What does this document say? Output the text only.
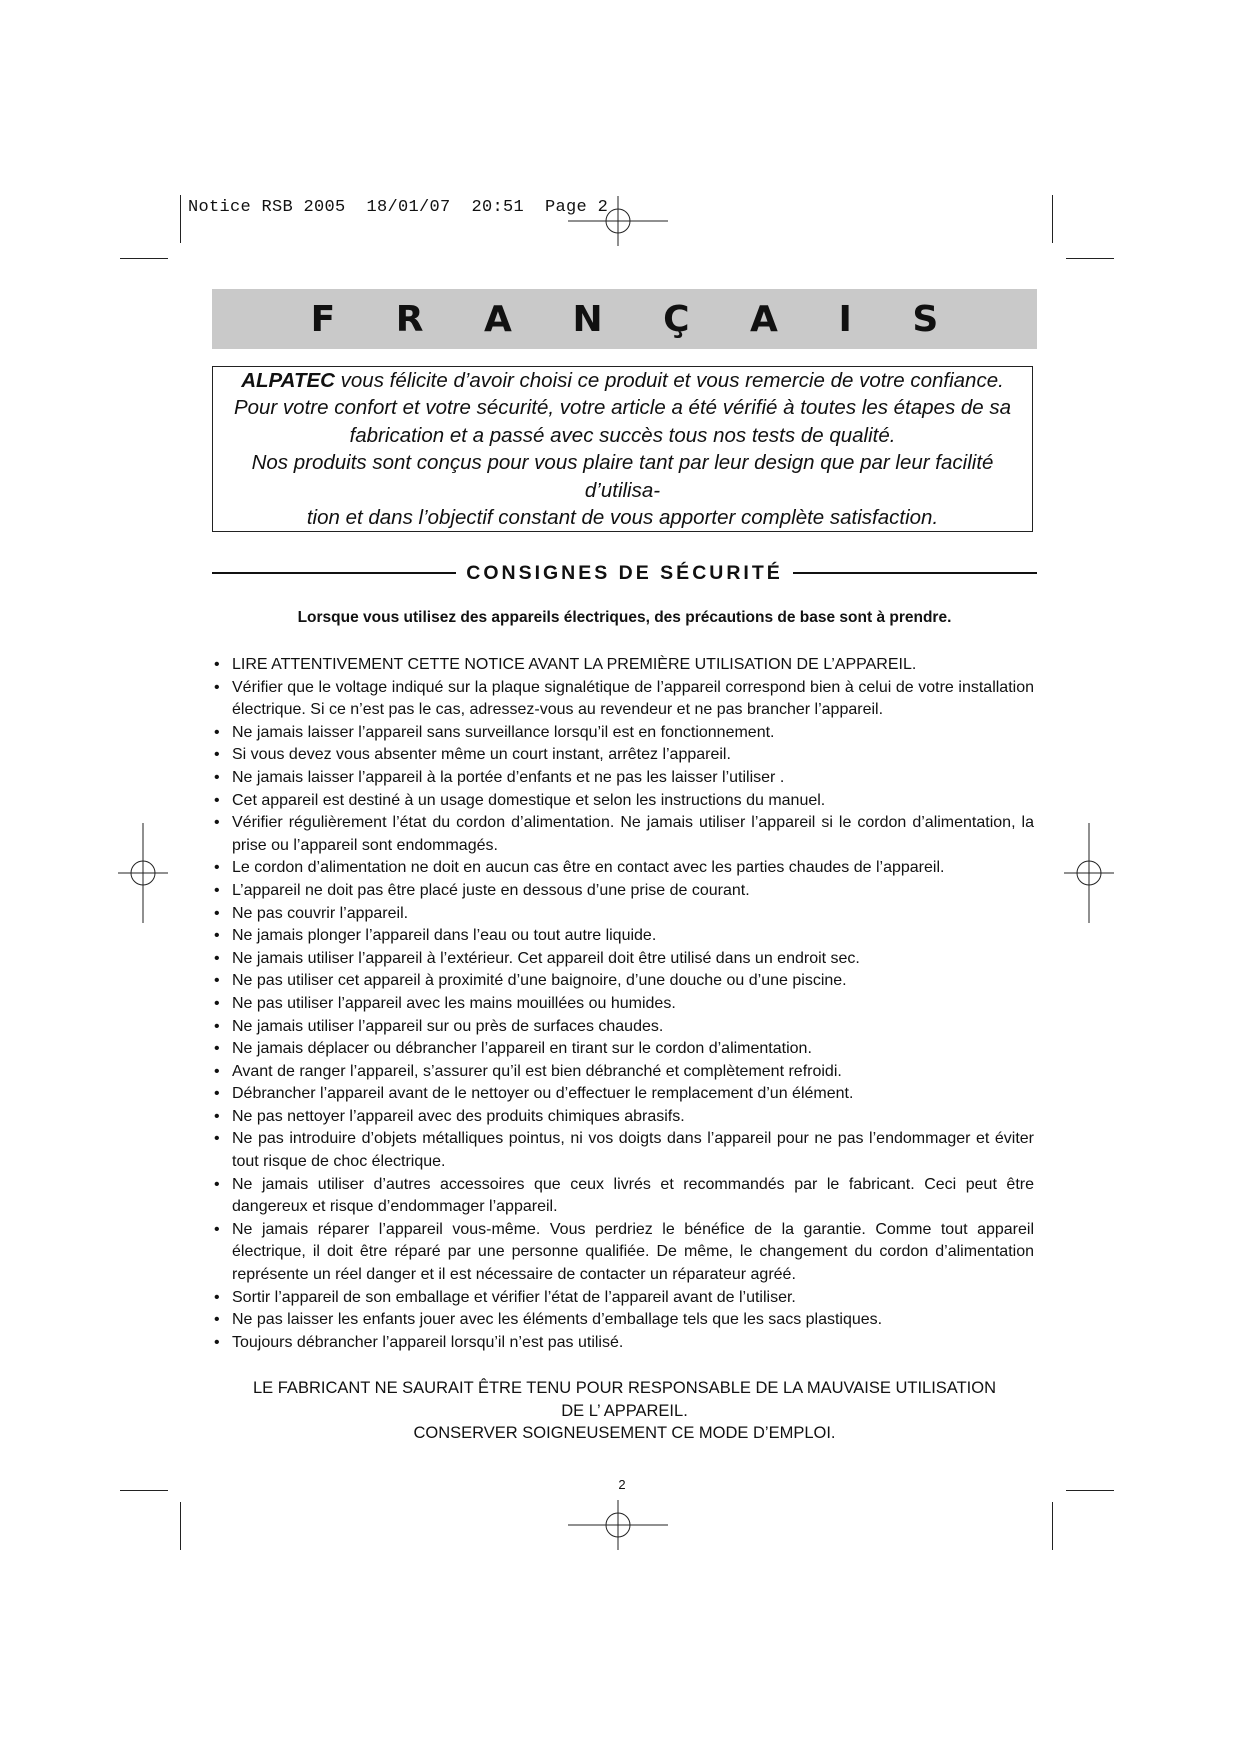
Notice RSB 2005  18/01/07  20:51  Page 2
F R A N Ç A I S
ALPATEC vous félicite d’avoir choisi ce produit et vous remercie de votre confiance.
Pour votre confort et votre sécurité, votre article a été vérifié à toutes les étapes de sa
fabrication et a passé avec succès tous nos tests de qualité.
Nos produits sont conçus pour vous plaire tant par leur design que par leur facilité d’utilisa-
tion et dans l’objectif constant de vous apporter complète satisfaction.
CONSIGNES DE SÉCURITÉ
Lorsque vous utilisez des appareils électriques, des précautions de base sont à prendre.
• LIRE ATTENTIVEMENT CETTE NOTICE AVANT LA PREMIÈRE UTILISATION DE L’APPAREIL.
• Vérifier que le voltage indiqué sur la plaque signalétique de l’appareil correspond bien à celui de votre installation électrique. Si ce n’est pas le cas, adressez-vous au revendeur et ne pas brancher l’appareil.
• Ne jamais laisser l’appareil sans surveillance lorsqu’il est en fonctionnement.
• Si vous devez vous absenter même un court instant, arrêtez l’appareil.
• Ne jamais laisser l’appareil à la portée d’enfants et ne pas les laisser l’utiliser .
• Cet appareil est destiné à un usage domestique et selon les instructions du manuel.
• Vérifier régulièrement l’état du cordon d’alimentation. Ne jamais utiliser l’appareil si le cordon d’alimentation, la prise ou l’appareil sont endommagés.
• Le cordon d’alimentation ne doit en aucun cas être en contact avec les parties chaudes de l’appareil.
• L’appareil ne doit pas être placé juste en dessous d’une prise de courant.
• Ne pas couvrir l’appareil.
• Ne jamais plonger l’appareil dans l’eau ou tout autre liquide.
• Ne jamais utiliser l’appareil à l’extérieur. Cet appareil doit être utilisé dans un endroit sec.
• Ne pas utiliser cet appareil à proximité d’une baignoire, d’une douche ou d’une piscine.
• Ne pas utiliser l’appareil avec les mains mouillées ou humides.
• Ne jamais utiliser l’appareil sur ou près de surfaces chaudes.
• Ne jamais déplacer ou débrancher l’appareil en tirant sur le cordon d’alimentation.
• Avant de ranger l’appareil, s’assurer qu’il est bien débranché et complètement refroidi.
• Débrancher l’appareil avant de le nettoyer ou d’effectuer le remplacement d’un élément.
• Ne pas nettoyer l’appareil avec des produits chimiques abrasifs.
• Ne pas introduire d’objets métalliques pointus, ni vos doigts dans l’appareil pour ne pas l’endommager et éviter tout risque de choc électrique.
• Ne jamais utiliser d’autres accessoires que ceux livrés et recommandés par le fabricant. Ceci peut être dangereux et risque d’endommager l’appareil.
• Ne jamais réparer l’appareil vous-même. Vous perdriez le bénéfice de la garantie. Comme tout appareil électrique, il doit être réparé par une personne qualifiée. De même, le changement du cordon d’alimentation représente un réel danger et il est nécessaire de contacter un réparateur agréé.
• Sortir l’appareil de son emballage et vérifier l’état de l’appareil avant de l’utiliser.
• Ne pas laisser les enfants jouer avec les éléments d’emballage tels que les sacs plastiques.
• Toujours débrancher l’appareil lorsqu’il n’est pas utilisé.
LE FABRICANT NE SAURAIT ÊTRE TENU POUR RESPONSABLE DE LA MAUVAISE UTILISATION
DE L’ APPAREIL.
CONSERVER SOIGNEUSEMENT CE MODE D’EMPLOI.
2
